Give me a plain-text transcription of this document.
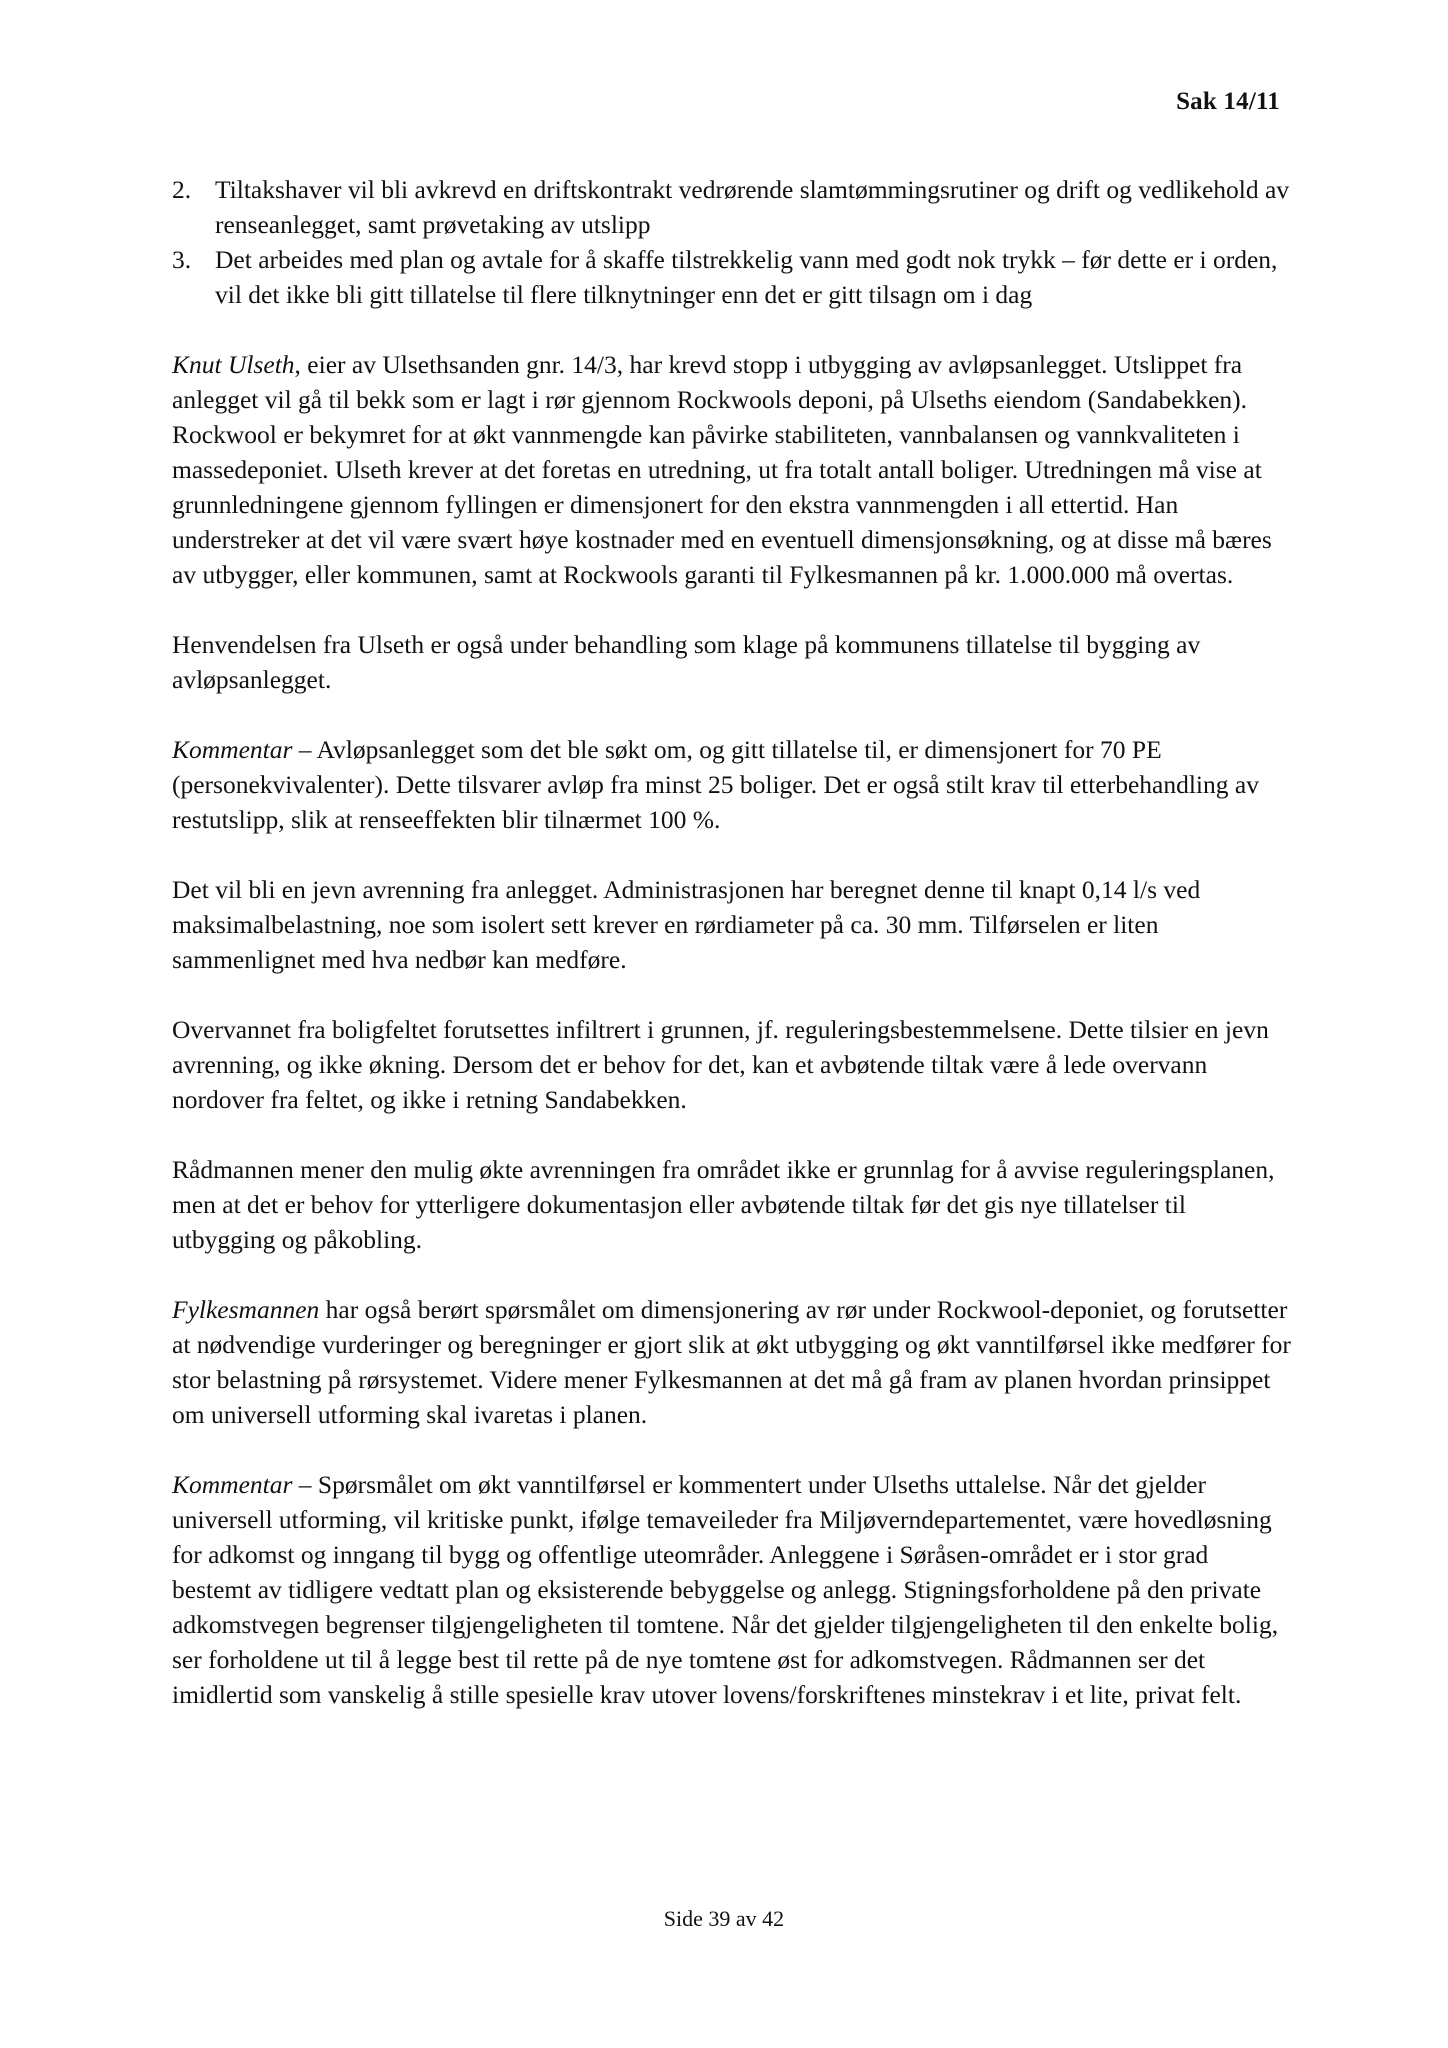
Sak 14/11
2. Tiltakshaver vil bli avkrevd en driftskontrakt vedrørende slamtømmingsrutiner og drift og vedlikehold av renseanlegget, samt prøvetaking av utslipp
3. Det arbeides med plan og avtale for å skaffe tilstrekkelig vann med godt nok trykk – før dette er i orden, vil det ikke bli gitt tillatelse til flere tilknytninger enn det er gitt tilsagn om i dag

Knut Ulseth, eier av Ulsethsanden gnr. 14/3, har krevd stopp i utbygging av avløpsanlegget. Utslippet fra anlegget vil gå til bekk som er lagt i rør gjennom Rockwools deponi, på Ulseths eiendom (Sandabekken). Rockwool er bekymret for at økt vannmengde kan påvirke stabiliteten, vannbalansen og vannkvaliteten i massedeponiet. Ulseth krever at det foretas en utredning, ut fra totalt antall boliger. Utredningen må vise at grunnledningene gjennom fyllingen er dimensjonert for den ekstra vannmengden i all ettertid. Han understreker at det vil være svært høye kostnader med en eventuell dimensjonsøkning, og at disse må bæres av utbygger, eller kommunen, samt at Rockwools garanti til Fylkesmannen på kr. 1.000.000 må overtas.

Henvendelsen fra Ulseth er også under behandling som klage på kommunens tillatelse til bygging av avløpsanlegget.

Kommentar – Avløpsanlegget som det ble søkt om, og gitt tillatelse til, er dimensjonert for 70 PE (personekvivalenter). Dette tilsvarer avløp fra minst 25 boliger. Det er også stilt krav til etterbehandling av restutslipp, slik at renseeffekten blir tilnærmet 100 %.

Det vil bli en jevn avrenning fra anlegget. Administrasjonen har beregnet denne til knapt 0,14 l/s ved maksimalbelastning, noe som isolert sett krever en rørdiameter på ca. 30 mm. Tilførselen er liten sammenlignet med hva nedbør kan medføre.

Overvannet fra boligfeltet forutsettes infiltrert i grunnen, jf. reguleringsbestemmelsene. Dette tilsier en jevn avrenning, og ikke økning. Dersom det er behov for det, kan et avbøtende tiltak være å lede overvann nordover fra feltet, og ikke i retning Sandabekken.

Rådmannen mener den mulig økte avrenningen fra området ikke er grunnlag for å avvise reguleringsplanen, men at det er behov for ytterligere dokumentasjon eller avbøtende tiltak før det gis nye tillatelser til utbygging og påkobling.

Fylkesmannen har også berørt spørsmålet om dimensjonering av rør under Rockwool-deponiet, og forutsetter at nødvendige vurderinger og beregninger er gjort slik at økt utbygging og økt vanntilførsel ikke medfører for stor belastning på rørsystemet. Videre mener Fylkesmannen at det må gå fram av planen hvordan prinsippet om universell utforming skal ivaretas i planen.

Kommentar – Spørsmålet om økt vanntilførsel er kommentert under Ulseths uttalelse. Når det gjelder universell utforming, vil kritiske punkt, ifølge temaveileder fra Miljøverndepartementet, være hovedløsning for adkomst og inngang til bygg og offentlige uteområder. Anleggene i Søråsen-området er i stor grad bestemt av tidligere vedtatt plan og eksisterende bebyggelse og anlegg. Stigningsforholdene på den private adkomstvegen begrenser tilgjengeligheten til tomtene. Når det gjelder tilgjengeligheten til den enkelte bolig, ser forholdene ut til å legge best til rette på de nye tomtene øst for adkomstvegen. Rådmannen ser det imidlertid som vanskelig å stille spesielle krav utover lovens/forskriftenes minstekrav i et lite, privat felt.

Side 39 av 42
